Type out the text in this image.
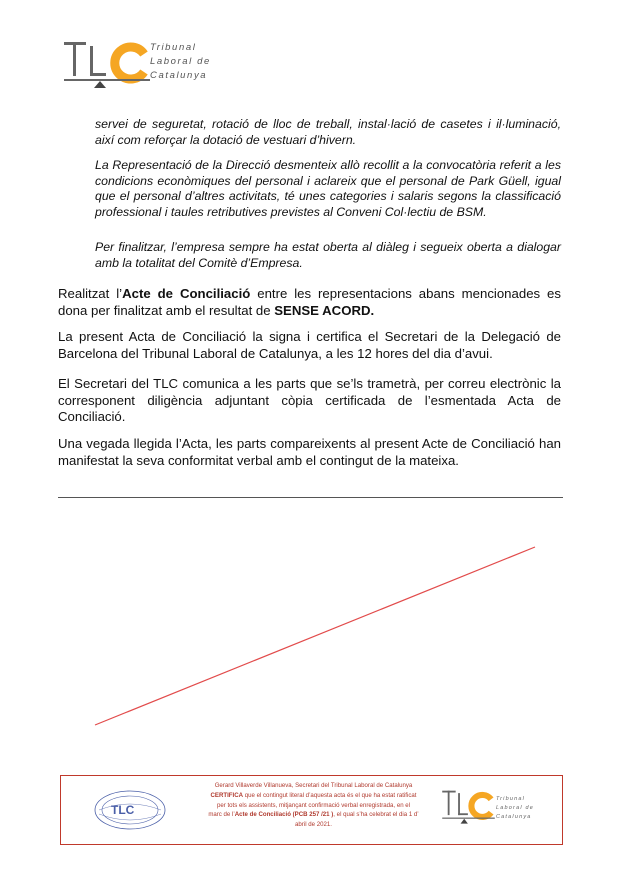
Tribunal
Laboral de
Catalunya
servei de seguretat, rotació de lloc de treball, instal·lació de casetes i il·luminació, així com reforçar la dotació de vestuari d’hivern.
La Representació de la Direcció desmenteix allò recollit a la convocatòria referit a les condicions econòmiques del personal i aclareix que el personal de Park Güell, igual que el personal d’altres activitats, té unes categories i salaris segons la classificació professional i taules retributives previstes al Conveni Col·lectiu de BSM.
Per finalitzar, l’empresa sempre ha estat oberta al diàleg i segueix oberta a dialogar amb la totalitat del Comitè d’Empresa.
Realitzat l’Acte de Conciliació entre les representacions abans mencionades es dona per finalitzat amb el resultat de SENSE ACORD.
La present Acta de Conciliació la signa i certifica el Secretari de la Delegació de Barcelona del Tribunal Laboral de Catalunya, a les 12 hores del dia d’avui.
El Secretari del TLC comunica a les parts que se’ls trametrà, per correu electrònic la corresponent diligència adjuntant còpia certificada de l’esmentada Acta de Conciliació.
Una vegada llegida l’Acta, les parts compareixents al present Acte de Conciliació han manifestat la seva conformitat verbal amb el contingut de la mateixa.
TLC
Gerard Villaverde Villanueva, Secretari del Tribunal Laboral de Catalunya
CERTIFICA que el contingut literal d’aquesta acta és el que ha estat ratificat
per tots els assistents, mitjançant confirmació verbal enregistrada, en el
marc de l’Acte de Conciliació (PCB 257 /21 ), el qual s’ha celebrat el dia 1 d’
abril de 2021.
Tribunal
Laboral de
Catalunya
